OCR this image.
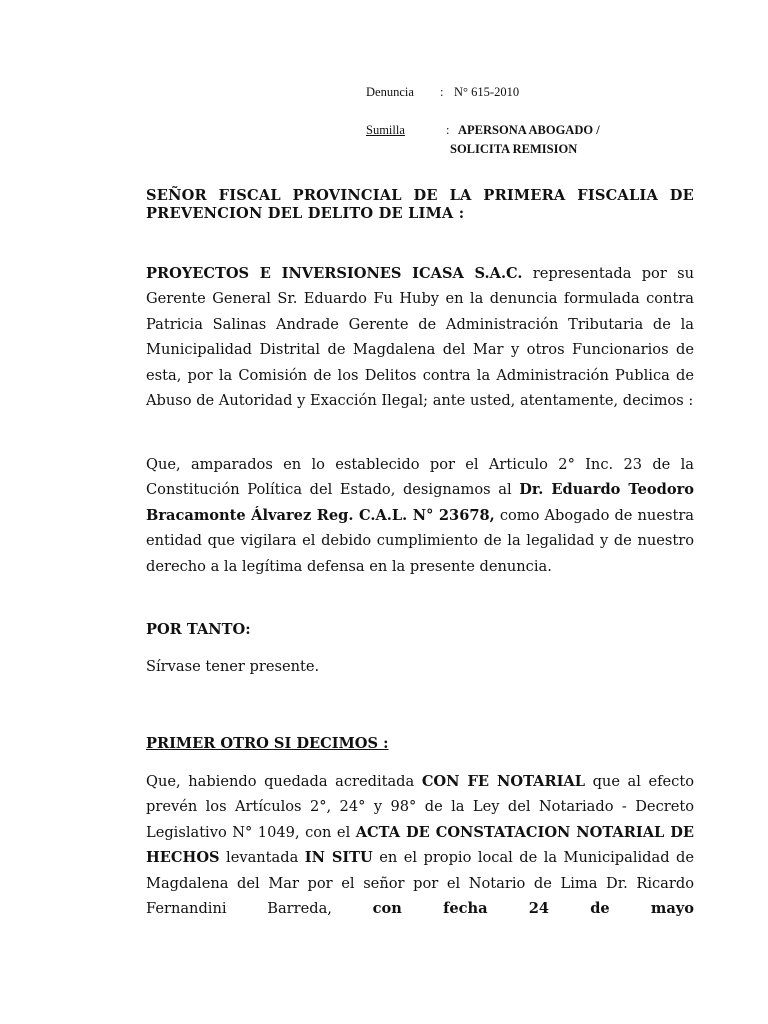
Denuncia : N° 615-2010
Sumilla	: APERSONA ABOGADO /
SOLICITA REMISION
SEÑOR FISCAL PROVINCIAL DE LA PRIMERA FISCALIA DE PREVENCION DEL DELITO DE LIMA :

PROYECTOS E INVERSIONES ICASA S.A.C. representada por su Gerente General Sr. Eduardo Fu Huby en la denuncia formulada contra Patricia Salinas Andrade Gerente de Administración Tributaria de la Municipalidad Distrital de Magdalena del Mar y otros Funcionarios de esta, por la Comisión de los Delitos contra la Administración Publica de Abuso de Autoridad y Exacción Ilegal; ante usted, atentamente, decimos :

Que, amparados en lo establecido por el Articulo 2° Inc. 23 de la Constitución Política del Estado, designamos al Dr. Eduardo Teodoro Bracamonte Álvarez Reg. C.A.L. N° 23678, como Abogado de nuestra entidad que vigilara el debido cumplimiento de la legalidad y de nuestro derecho a la legítima defensa en la presente denuncia.

POR TANTO:

Sírvase tener presente.

PRIMER OTRO SI DECIMOS :

Que, habiendo quedada acreditada CON FE NOTARIAL que al efecto prevén los Artículos 2°, 24° y 98° de la Ley del Notariado - Decreto Legislativo N° 1049, con el ACTA DE CONSTATACION NOTARIAL DE HECHOS levantada IN SITU en el propio local de la Municipalidad de Magdalena del Mar por el señor por el Notario de Lima Dr. Ricardo Fernandini Barreda, con fecha 24 de mayo
